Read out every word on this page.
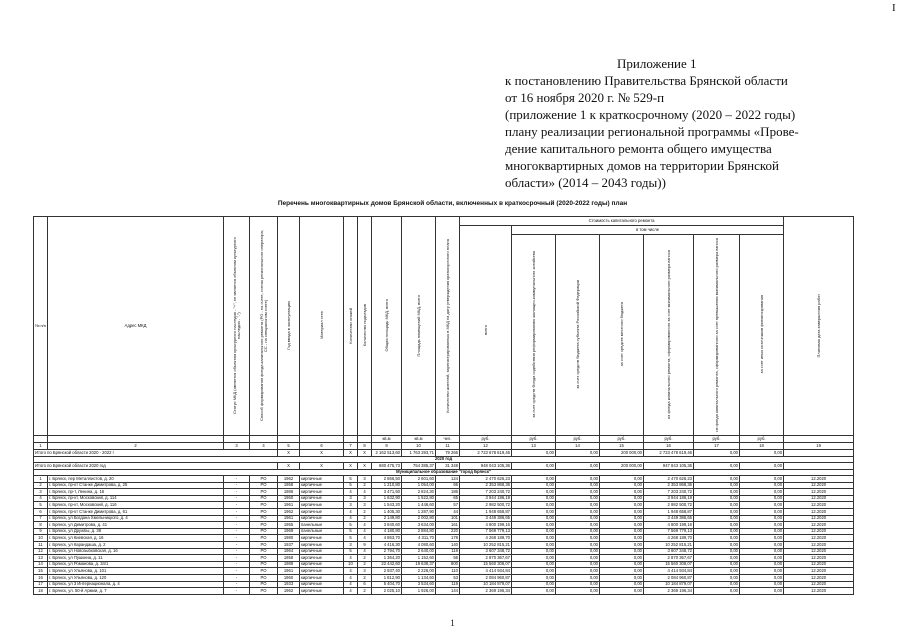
I
Приложение 1
к постановлению Правительства Брянской области
от 16 ноября 2020 г. № 529-п
(приложение 1 к краткосрочному (2020 – 2022 годы)
плану реализации региональной программы «Прове-
дение капитального ремонта общего имущества
многоквартирных домов на территории Брянской
области» (2014 – 2043 годы))
Перечень многоквартирных домов Брянской области, включенных в краткосрочный (2020-2022 годы) план
№ п/п	Адрес МКД	Статус МКД (является объектом культурного наследия - "+", не является объектом культурного наследия - "-")	Способ формирования фонда капитального ремонта (РО - на счете, счетах регионального оператора; СС - на специальном счете)	Год ввода в эксплуатацию	Материал стен	Количество этажей	Количество подъездов	Общая площадь МКД, всего	Площадь помещений МКД, всего	Количество жителей, зарегистрированных в МКД на дату утверждения краткосрочного плана	Стоимость капитального ремонта							Плановая дата завершения работ
											всего	в том числе						
												за счет средств Фонда содействия реформированию жилищно-коммунального хозяйства	за счет средств бюджета субъекта Российской Федерации	за счет средств местного бюджета	из фонда капитального ремонта, сформированного за счет минимального размера взноса	из фонда капитального ремонта, сформированного за счет превышения минимального размера взноса	за счет иных источников финансирования	
								кв.м	кв.м	чел.	руб.	руб.	руб.	руб.	руб.	руб.	руб.	
1	2	3	4	5	6	7	8	9	10	11	12	13	14	15	16	17	18	19
Итого по Брянской области 2020 - 2022 г				X	X	X	X	2 162 513,60	1 763 293,71	79 266	2 723 678 619,46	0,00	0,00	200 000,00	2 723 478 619,46	0,00	0,00	
2020 год																		
Итого по Брянской области 2020 год				X	X	X	X	680 475,73	754 385,37	31 348	948 043 105,36	0,00	0,00	200 000,00	947 843 105,36	0,00	0,00	
Муниципальное образование "город Брянск"																		
1	г. Брянск, пер Металлистов, д. 20	-	РО	1962	кирпичные	5	3	2 866,50	2 601,60	124	2 470 626,23	0,00	0,00	0,00	2 470 626,23	0,00	0,00	12.2020
2	г. Брянск, пр-кт Станке Димитрова, д. 25	-	РО	1958	кирпичные	5	2	1 210,80	1 054,00	66	2 353 868,36	0,00	0,00	0,00	2 353 868,36	0,00	0,00	12.2020
3	г. Брянск, пр-т, Ленина, д. 16	-	РО	1986	кирпичные	4	4	3 471,50	2 824,30	186	7 203 240,72	0,00	0,00	0,00	7 203 240,72	0,00	0,00	12.2020
4	г. Брянск, пр-кт, Московский, д. 114	-	РО	1960	кирпичные	3	3	1 632,90	1 522,80	65	3 944 186,19	0,00	0,00	0,00	3 944 186,19	0,00	0,00	12.2020
5	г. Брянск, пр-кт, Московский, д. 116	-	РО	1961	кирпичные	3	3	1 543,20	1 446,60	57	2 982 500,72	0,00	0,00	0,00	2 982 500,72	0,00	0,00	12.2020
6	г. Брянск, пр-кт Станке Димитрова, д. 61	-	РО	1962	кирпичные	4	2	1 405,30	1 287,90	44	1 948 658,87	0,00	0,00	0,00	1 948 658,87	0,00	0,00	12.2020
7	г. Брянск, ул Богдана Хмельницкого, д. 4	-	РО	1961	кирпичные	4	2	2 149,80	2 002,80	101	3 449 386,65	0,00	0,00	0,00	3 449 386,65	0,00	0,00	12.2020
8	г. Брянск, ул Димитрова, д. 41	-	РО	1955	панельные	5	4	3 840,60	3 634,00	161	4 800 199,16	0,00	0,00	0,00	4 800 199,16	0,00	0,00	12.2020
9	г. Брянск, ул Дружбы, д. 38	-	РО	1969	панельные	5	4	4 180,80	2 884,80	220	7 569 779,13	0,00	0,00	0,00	7 569 779,13	0,00	0,00	12.2020
10	г. Брянск, ул Киевская, д. 16	-	РО	1980	кирпичные	5	4	4 863,70	4 311,70	178	4 268 189,70	0,00	0,00	0,00	4 268 189,70	0,00	0,00	12.2020
11	г. Брянск, ул Карандаша, д. 2	-	РО	1937	кирпичные	3	9	4 416,30	4 080,60	140	10 252 815,21	0,00	0,00	0,00	10 252 815,21	0,00	0,00	12.2020
12	г. Брянск, ул Новозыбковская, д. 16	-	РО	1964	кирпичные	5	4	2 794,70	2 640,00	119	3 607 348,72	0,00	0,00	0,00	3 607 348,72	0,00	0,00	12.2020
13	г. Брянск, ул Пушкина, д. 11	-	РО	1958	кирпичные	4	2	1 364,20	1 152,60	56	2 870 367,67	0,00	0,00	0,00	2 870 367,67	0,00	0,00	12.2020
14	г. Брянск, ул Романова, д. 34/1	-	РО	1989	кирпичные	10	2	22 442,60	19 638,37	800	15 560 308,07	0,00	0,00	0,00	15 560 308,07	0,00	0,00	12.2020
15	г. Брянск, ул Ульянова, д. 101	-	РО	1961	кирпичные	4	3	2 937,40	2 226,00	110	4 414 934,84	0,00	0,00	0,00	4 414 934,84	0,00	0,00	12.2020
16	г. Брянск, ул Ульянова, д. 120	-	РО	1960	кирпичные	4	2	1 812,90	1 134,60	53	2 084 960,87	0,00	0,00	0,00	2 084 960,87	0,00	0,00	12.2020
17	г. Брянск, ул 3 Интернационала, д. 4	-	РО	1933	кирпичные	4	6	5 404,70	3 534,60	119	10 184 879,07	0,00	0,00	0,00	10 184 879,07	0,00	0,00	12.2020
18	г. Брянск, ул. 50-й Армии, д. 7	-	РО	1962	кирпичные	4	2	2 025,10	1 926,00	144	2 369 196,34	0,00	0,00	0,00	2 369 196,34	0,00	0,00	12.2020
1
